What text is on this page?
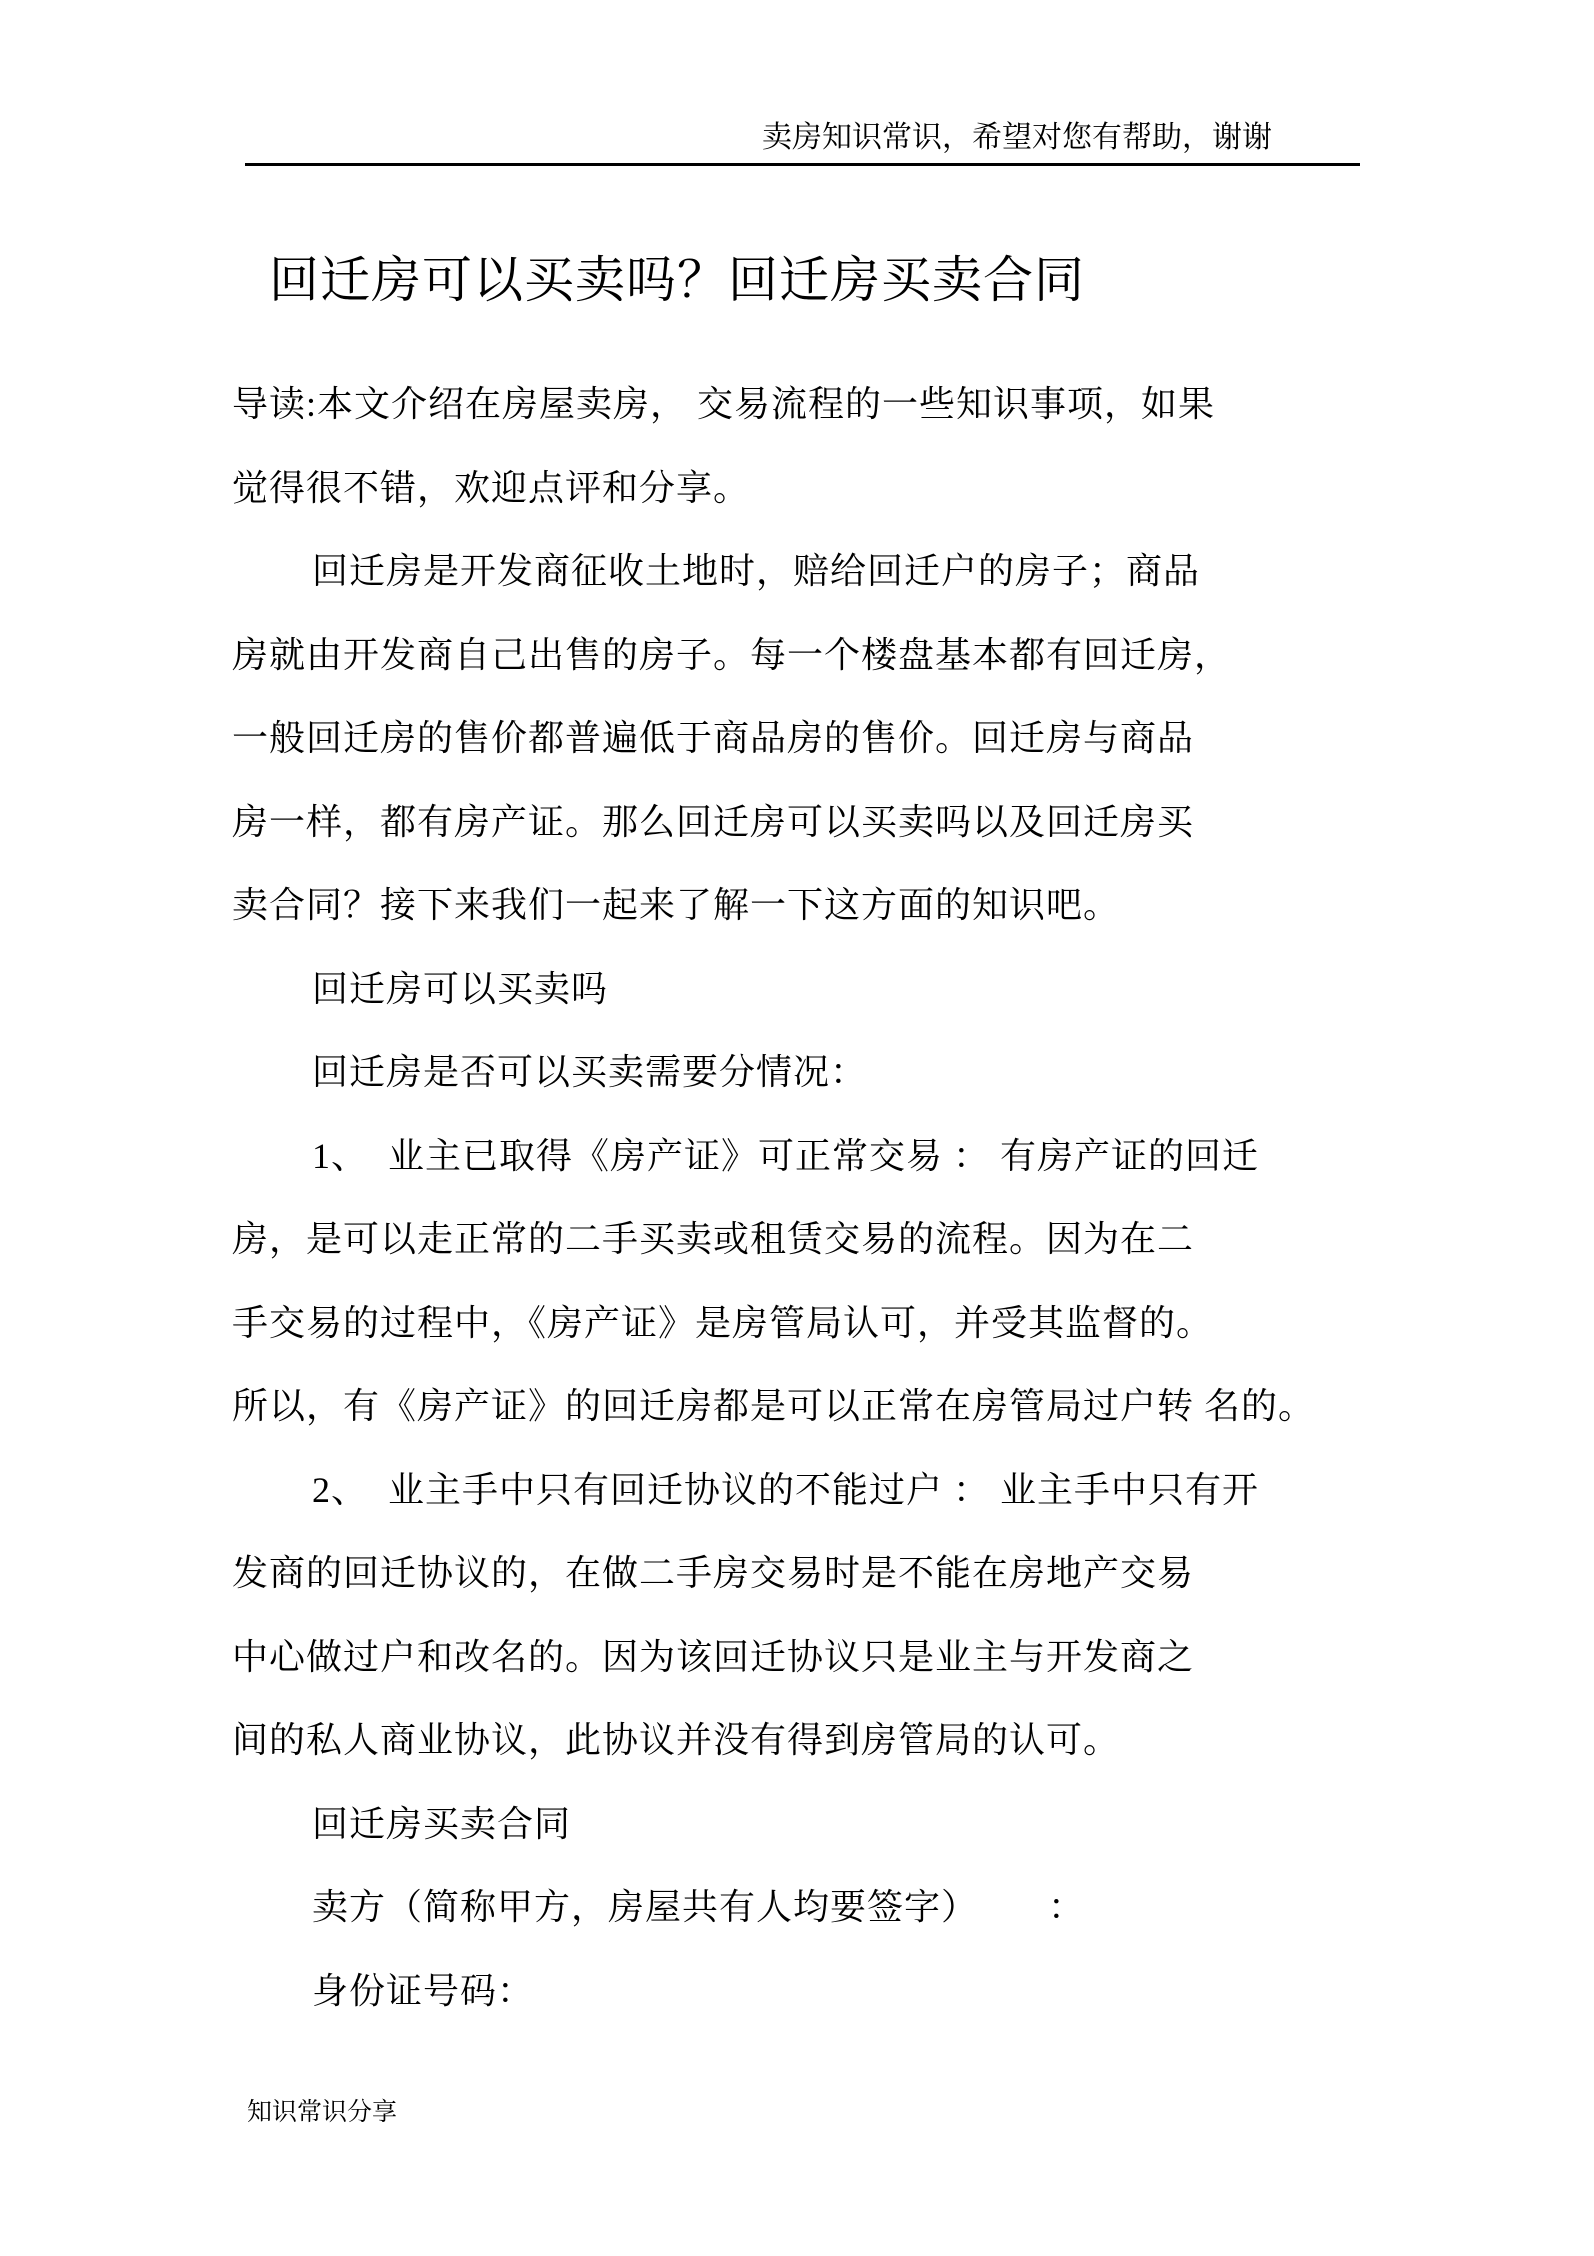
卖房知识常识，希望对您有帮助，谢谢
回迁房可以买卖吗？回迁房买卖合同
导读:本文介绍在房屋卖房， 交易流程的一些知识事项，如果
觉得很不错，欢迎点评和分享。
回迁房是开发商征收土地时，赔给回迁户的房子；商品
房就由开发商自己出售的房子。每一个楼盘基本都有回迁房，
一般回迁房的售价都普遍低于商品房的售价。回迁房与商品
房一样，都有房产证。那么回迁房可以买卖吗以及回迁房买
卖合同？接下来我们一起来了解一下这方面的知识吧。
回迁房可以买卖吗
回迁房是否可以买卖需要分情况：
1、  业主已取得《房产证》可正常交易 ： 有房产证的回迁
房，是可以走正常的二手买卖或租赁交易的流程。因为在二
手交易的过程中，《房产证》是房管局认可，并受其监督的。
所以，有《房产证》的回迁房都是可以正常在房管局过户转 名的。
2、  业主手中只有回迁协议的不能过户 ： 业主手中只有开
发商的回迁协议的，在做二手房交易时是不能在房地产交易
中心做过户和改名的。因为该回迁协议只是业主与开发商之
间的私人商业协议，此协议并没有得到房管局的认可。
回迁房买卖合同
卖方（简称甲方，房屋共有人均要签字）       ：
身份证号码：
知识常识分享
